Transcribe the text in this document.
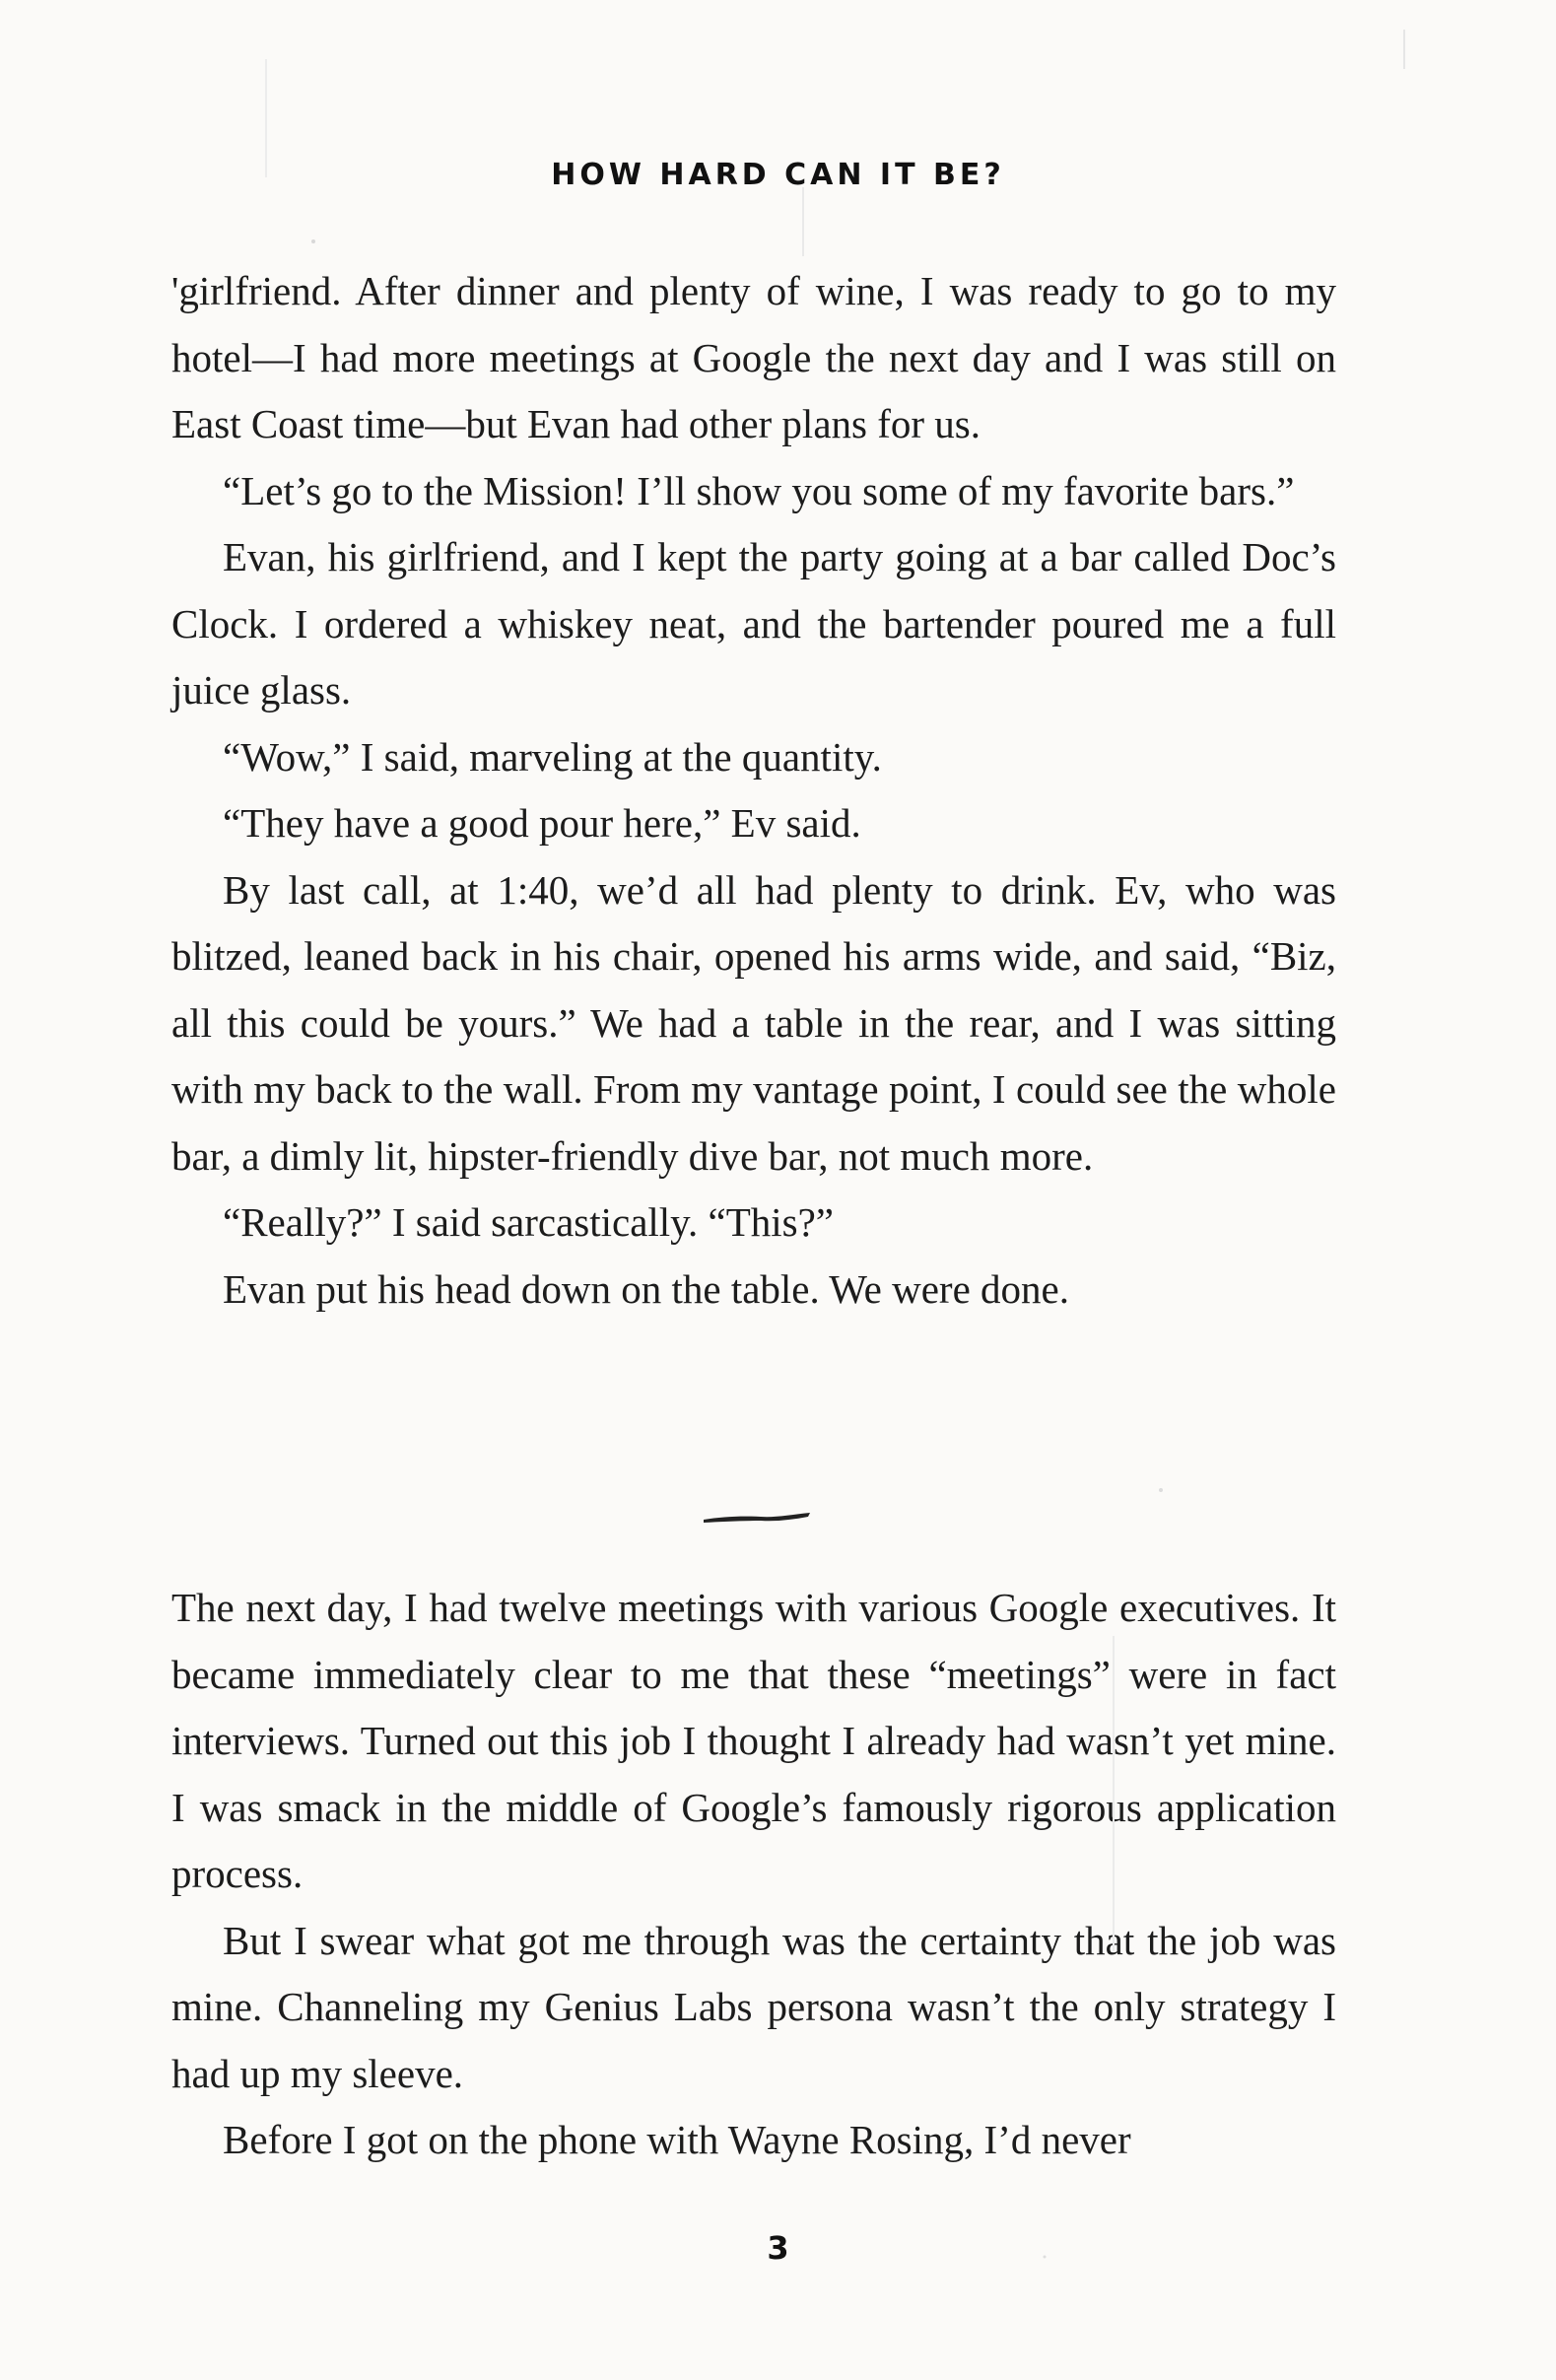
HOW HARD CAN IT BE?

'girlfriend. After dinner and plenty of wine, I was ready to go to my hotel—I had more meetings at Google the next day and I was still on East Coast time—but Evan had other plans for us.

“Let’s go to the Mission! I’ll show you some of my favorite bars.”

Evan, his girlfriend, and I kept the party going at a bar called Doc’s Clock. I ordered a whiskey neat, and the bartender poured me a full juice glass.

“Wow,” I said, marveling at the quantity.

“They have a good pour here,” Ev said.

By last call, at 1:40, we’d all had plenty to drink. Ev, who was blitzed, leaned back in his chair, opened his arms wide, and said, “Biz, all this could be yours.” We had a table in the rear, and I was sitting with my back to the wall. From my vantage point, I could see the whole bar, a dimly lit, hipster-friendly dive bar, not much more.

“Really?” I said sarcastically. “This?”

Evan put his head down on the table. We were done.

The next day, I had twelve meetings with various Google executives. It became immediately clear to me that these “meetings” were in fact interviews. Turned out this job I thought I already had wasn’t yet mine. I was smack in the middle of Google’s famously rigorous application process.

But I swear what got me through was the certainty that the job was mine. Channeling my Genius Labs persona wasn’t the only strategy I had up my sleeve.

Before I got on the phone with Wayne Rosing, I’d never

3
